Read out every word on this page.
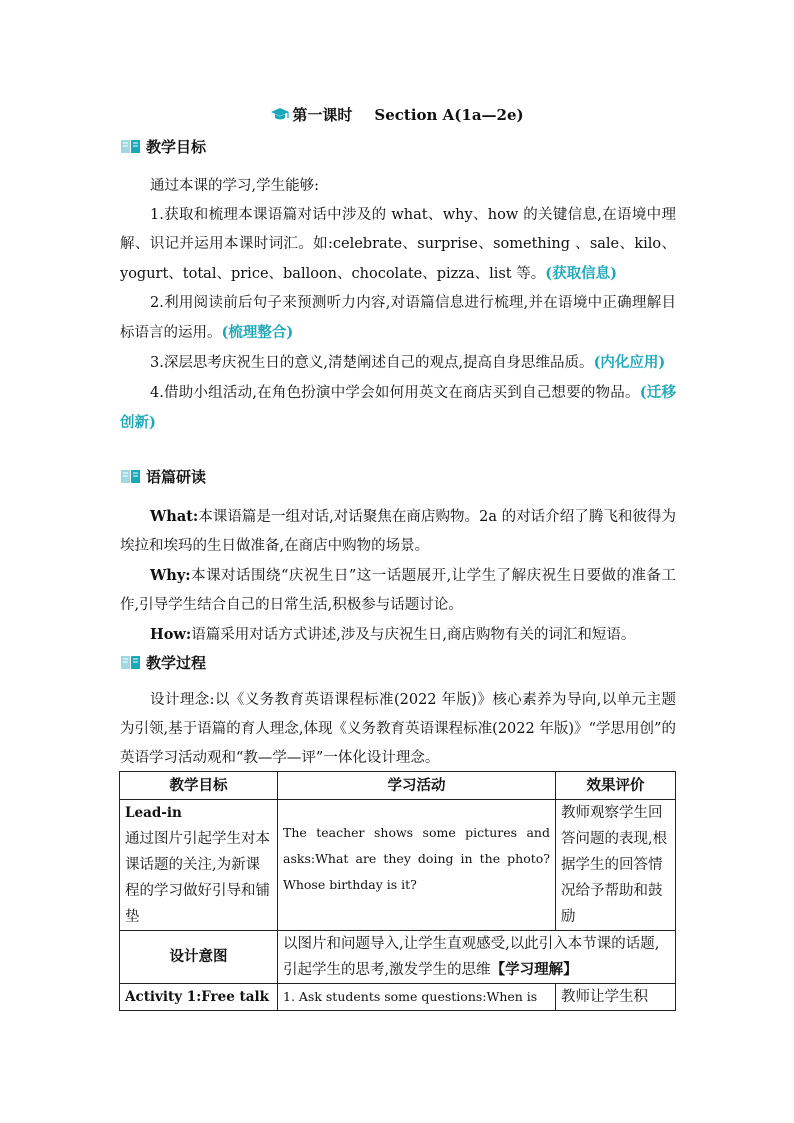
第一课时 Section A(1a—2e)
教学目标

通过本课的学习,学生能够:

1.获取和梳理本课语篇对话中涉及的 what、why、how 的关键信息,在语境中理解、识记并运用本课时词汇。如:celebrate、surprise、something 、sale、kilo、yogurt、total、price、balloon、chocolate、pizza、list 等。(获取信息)

2.利用阅读前后句子来预测听力内容,对语篇信息进行梳理,并在语境中正确理解目标语言的运用。(梳理整合)

3.深层思考庆祝生日的意义,清楚阐述自己的观点,提高自身思维品质。(内化应用)

4.借助小组活动,在角色扮演中学会如何用英文在商店买到自己想要的物品。(迁移创新)

语篇研读

What:本课语篇是一组对话,对话聚焦在商店购物。2a 的对话介绍了腾飞和彼得为埃拉和埃玛的生日做准备,在商店中购物的场景。

Why:本课对话围绕“庆祝生日”这一话题展开,让学生了解庆祝生日要做的准备工作,引导学生结合自己的日常生活,积极参与话题讨论。

How:语篇采用对话方式讲述,涉及与庆祝生日,商店购物有关的词汇和短语。

教学过程

设计理念:以《义务教育英语课程标准(2022 年版)》核心素养为导向,以单元主题为引领,基于语篇的育人理念,体现《义务教育英语课程标准(2022 年版)》“学思用创”的英语学习活动观和“教—学—评”一体化设计理念。

教学目标	学习活动	效果评价

Lead-in
通过图片引起学生对本课话题的关注,为新课程的学习做好引导和铺垫	The teacher shows some pictures and asks:What are they doing in the photo?Whose birthday is it?	教师观察学生回答问题的表现,根据学生的回答情况给予帮助和鼓励
设计意图	以图片和问题导入,让学生直观感受,以此引入本节课的话题,引起学生的思考,激发学生的思维【学习理解】	
Activity 1:Free talk	1. Ask students some questions:When is	教师让学生积
